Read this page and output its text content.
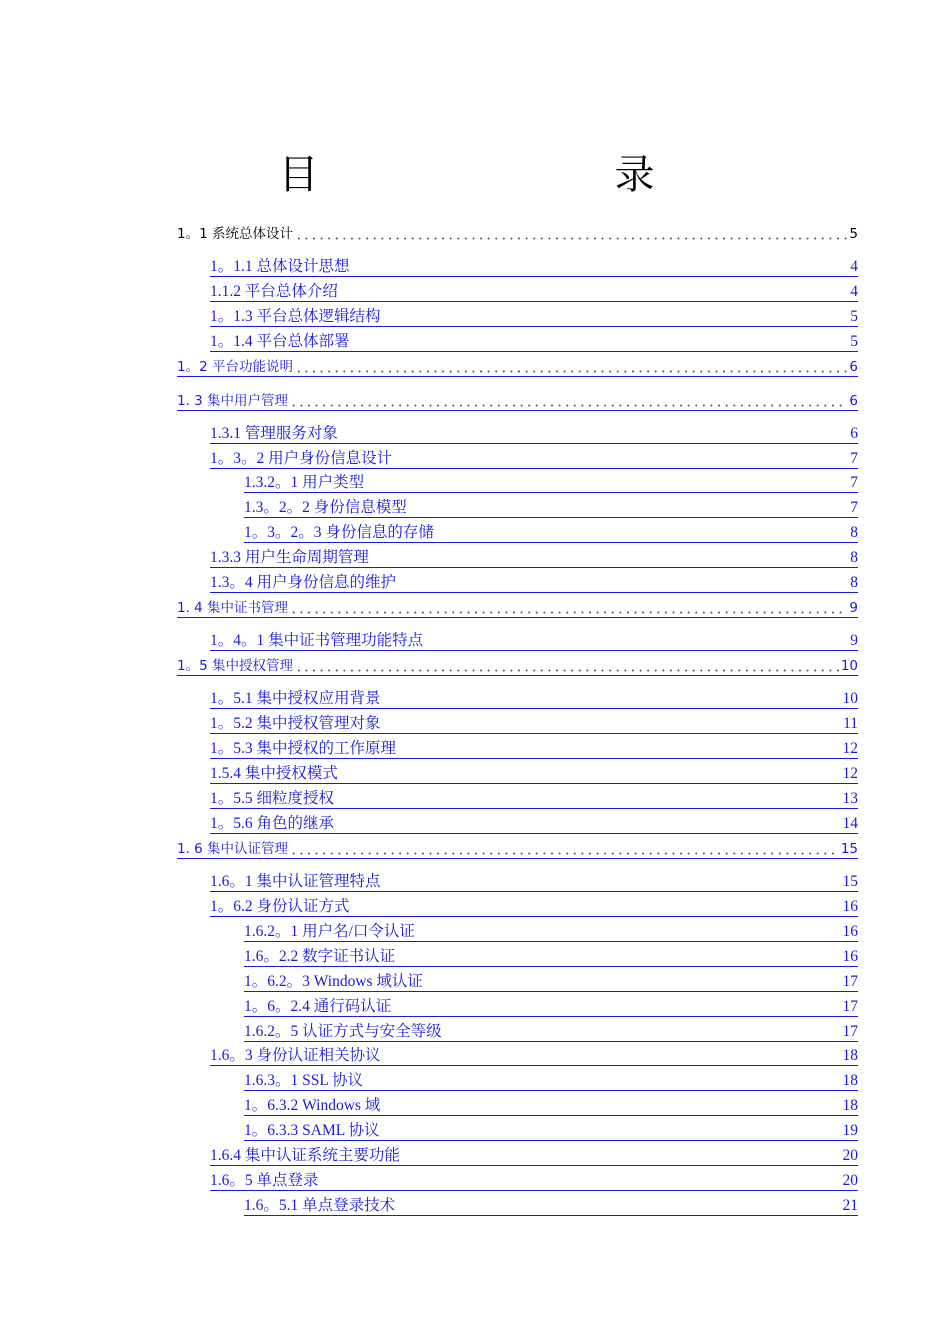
目　　录
1。1 系统总体设计	5
1。1.1 总体设计思想	4
1.1.2 平台总体介绍	4
1。1.3 平台总体逻辑结构	5
1。1.4 平台总体部署	5
1。2 平台功能说明	6
1. 3 集中用户管理	6
1.3.1 管理服务对象	6
1。3。2 用户身份信息设计	7
1.3.2。1 用户类型	7
1.3。2。2 身份信息模型	7
1。3。2。3 身份信息的存储	8
1.3.3 用户生命周期管理	8
1.3。4 用户身份信息的维护	8
1. 4 集中证书管理	9
1。4。1 集中证书管理功能特点	9
1。5 集中授权管理	10
1。5.1 集中授权应用背景	10
1。5.2 集中授权管理对象	11
1。5.3 集中授权的工作原理	12
1.5.4 集中授权模式	12
1。5.5 细粒度授权	13
1。5.6 角色的继承	14
1. 6 集中认证管理	15
1.6。1 集中认证管理特点	15
1。6.2 身份认证方式	16
1.6.2。1 用户名/口令认证	16
1.6。2.2 数字证书认证	16
1。6.2。3 Windows 域认证	17
1。6。2.4 通行码认证	17
1.6.2。5 认证方式与安全等级	17
1.6。3 身份认证相关协议	18
1.6.3。1 SSL 协议	18
1。6.3.2 Windows 域	18
1。6.3.3 SAML 协议	19
1.6.4 集中认证系统主要功能	20
1.6。5 单点登录	20
1.6。5.1 单点登录技术	21
